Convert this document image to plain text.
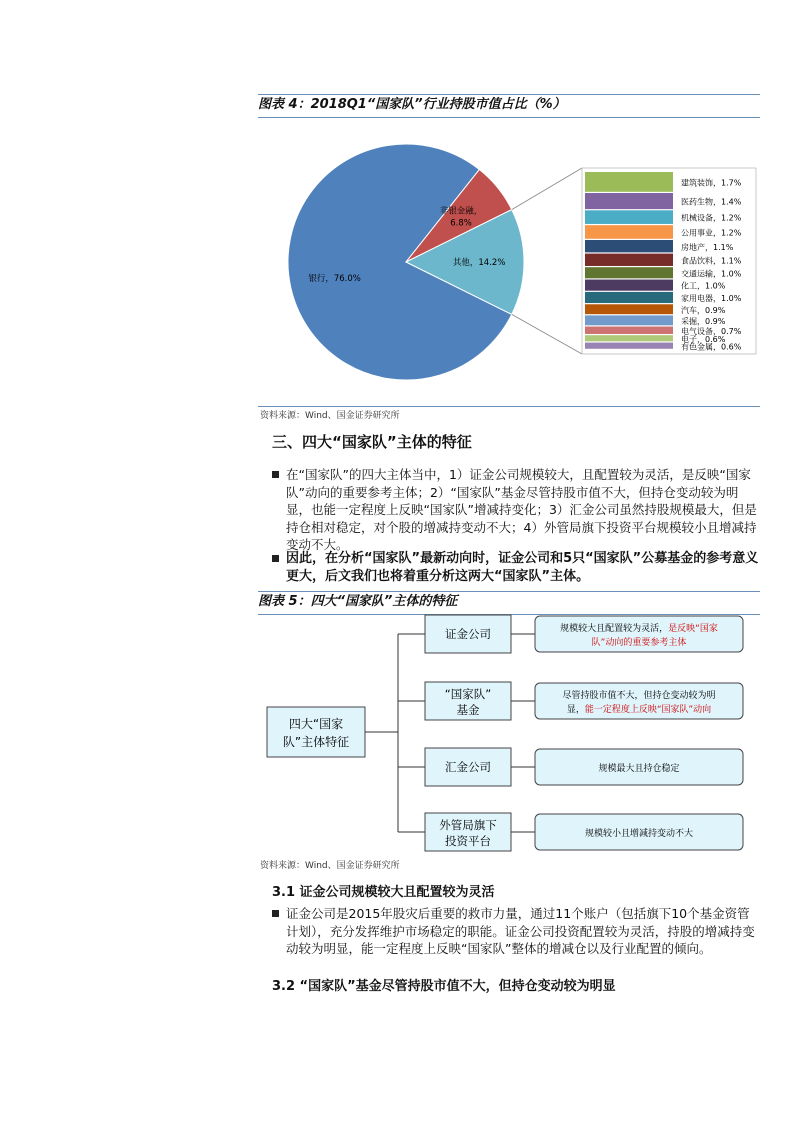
图表 4：2018Q1“国家队”行业持股市值占比（%）
银行，76.0%
非银金融，
6.8%
其他，14.2%
建筑装饰，1.7%
医药生物，1.4%
机械设备，1.2%
公用事业，1.2%
房地产，1.1%
食品饮料，1.1%
交通运输，1.0%
化工，1.0%
家用电器，1.0%
汽车，0.9%
采掘，0.9%
电气设备，0.7%
电子，0.6%
有色金属，0.6%
资料来源：Wind、国金证券研究所
三、四大“国家队”主体的特征
在“国家队”的四大主体当中，1）证金公司规模较大，且配置较为灵活，是反映“国家队”动向的重要参考主体；2）“国家队”基金尽管持股市值不大，但持仓变动较为明显，也能一定程度上反映“国家队”增减持变化；3）汇金公司虽然持股规模最大，但是持仓相对稳定，对个股的增减持变动不大；4）外管局旗下投资平台规模较小且增减持变动不大。
因此，在分析“国家队”最新动向时，证金公司和5只“国家队”公募基金的参考意义更大，后文我们也将着重分析这两大“国家队”主体。
图表 5：四大“国家队”主体的特征
四大“国家
队”主体特征
证金公司	规模较大且配置较为灵活，是反映“国家
队”动向的重要参考主体
“国家队”
基金
尽管持股市值不大，但持仓变动较为明
显，能一定程度上反映“国家队”动向
汇金公司	规模最大且持仓稳定
外管局旗下
投资平台	规模较小且增减持变动不大
资料来源：Wind、国金证券研究所
3.1 证金公司规模较大且配置较为灵活
证金公司是2015年股灾后重要的救市力量，通过11个账户（包括旗下10个基金资管计划），充分发挥维护市场稳定的职能。证金公司投资配置较为灵活，持股的增减持变动较为明显，能一定程度上反映“国家队”整体的增减仓以及行业配置的倾向。
3.2 “国家队”基金尽管持股市值不大，但持仓变动较为明显
